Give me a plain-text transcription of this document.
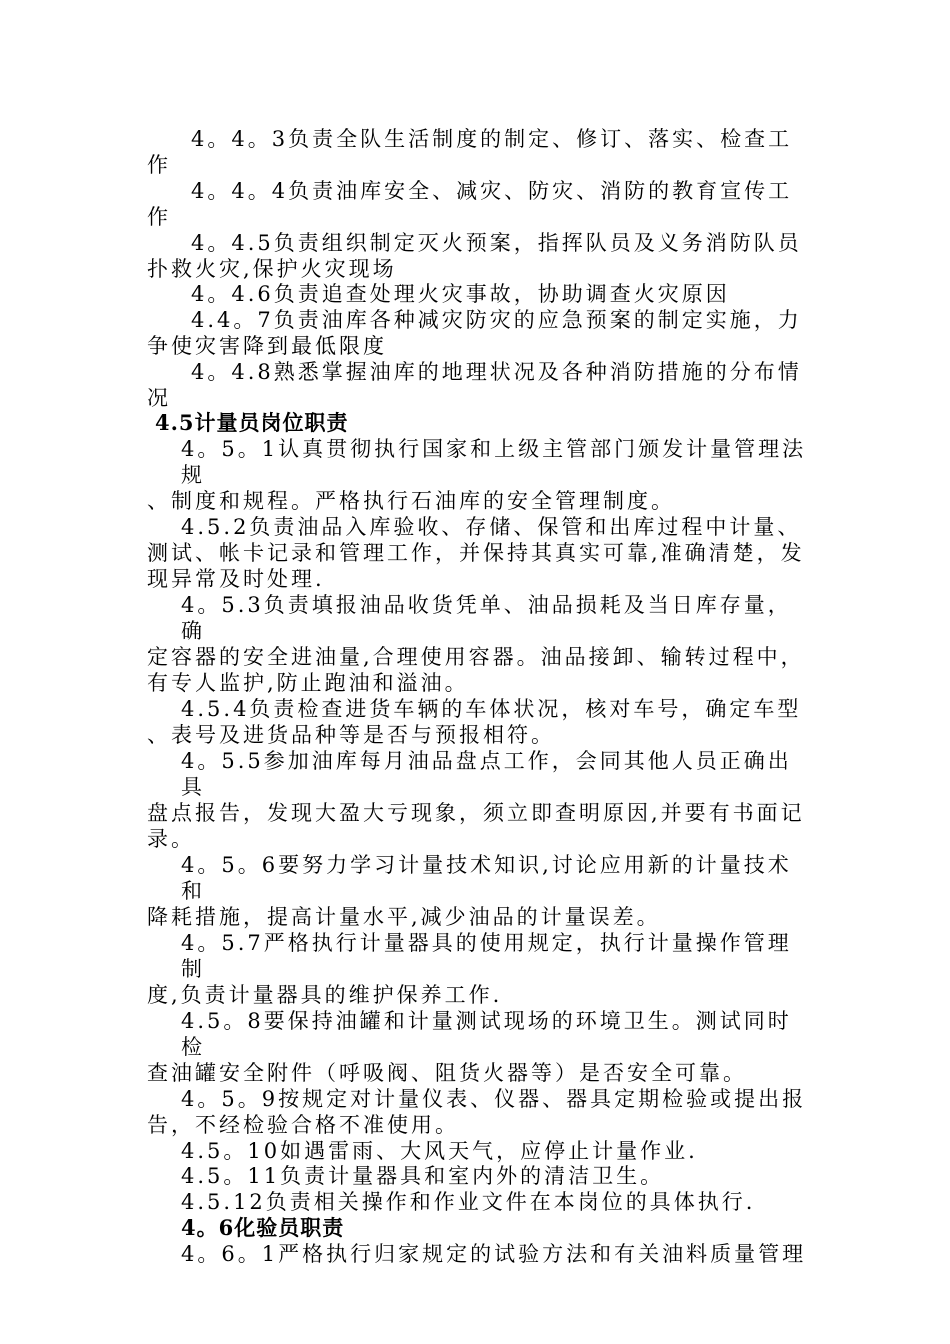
4。4。3负责全队生活制度的制定、修订、落实、检查工
作
4。4。4负责油库安全、减灾、防灾、消防的教育宣传工
作
4。4.5负责组织制定灭火预案，指挥队员及义务消防队员
扑救火灾,保护火灾现场
4。4.6负责追查处理火灾事故，协助调查火灾原因
4.4。7负责油库各种减灾防灾的应急预案的制定实施，力
争使灾害降到最低限度
4。4.8熟悉掌握油库的地理状况及各种消防措施的分布情
况
4.5计量员岗位职责
4。5。1认真贯彻执行国家和上级主管部门颁发计量管理法
规
、制度和规程。严格执行石油库的安全管理制度。
4.5.2负责油品入库验收、存储、保管和出库过程中计量、
测试、帐卡记录和管理工作，并保持其真实可靠,准确清楚，发
现异常及时处理.
4。5.3负责填报油品收货凭单、油品损耗及当日库存量，
确
定容器的安全进油量,合理使用容器。油品接卸、输转过程中，
有专人监护,防止跑油和溢油。
4.5.4负责检查进货车辆的车体状况，核对车号，确定车型
、表号及进货品种等是否与预报相符。
4。5.5参加油库每月油品盘点工作，会同其他人员正确出
具
盘点报告，发现大盈大亏现象，须立即查明原因,并要有书面记
录。
4。5。6要努力学习计量技术知识,讨论应用新的计量技术
和
降耗措施，提高计量水平,减少油品的计量误差。
4。5.7严格执行计量器具的使用规定，执行计量操作管理
制
度,负责计量器具的维护保养工作.
4.5。8要保持油罐和计量测试现场的环境卫生。测试同时
检
查油罐安全附件（呼吸阀、阻货火器等）是否安全可靠。
4。5。9按规定对计量仪表、仪器、器具定期检验或提出报
告，不经检验合格不准使用。
4.5。10如遇雷雨、大风天气，应停止计量作业.
4.5。11负责计量器具和室内外的清洁卫生。
4.5.12负责相关操作和作业文件在本岗位的具体执行.
4。6化验员职责
4。6。1严格执行归家规定的试验方法和有关油料质量管理
